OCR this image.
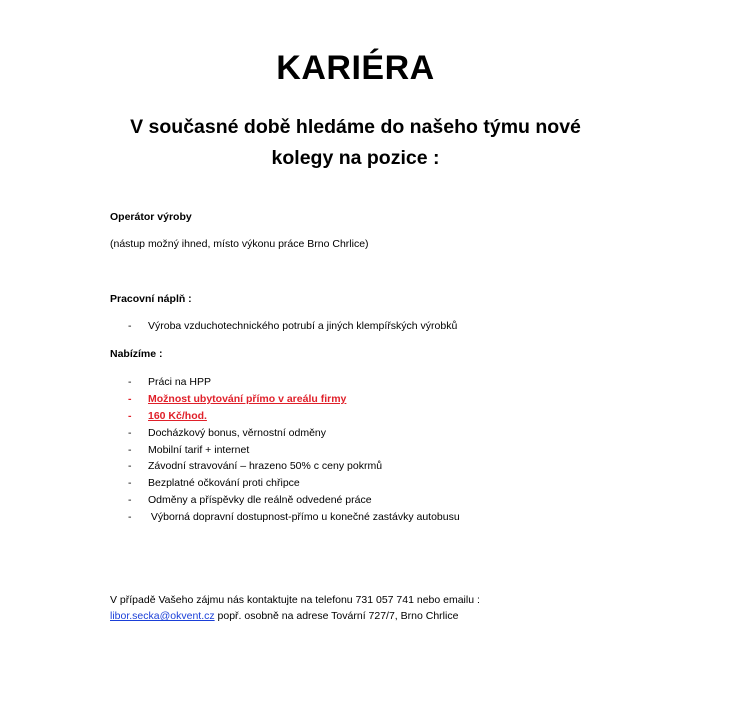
KARIÉRA
V současné době hledáme do našeho týmu nové
kolegy na pozice :
Operátor výroby
(nástup možný ihned, místo výkonu práce Brno Chrlice)
Pracovní náplň :
- Výroba vzduchotechnického potrubí a jiných klempířských výrobků
Nabízíme :
- Práci na HPP
- Možnost ubytování přímo v areálu firmy
- 160 Kč/hod.
- Docházkový bonus, věrnostní odměny
- Mobilní tarif + internet
- Závodní stravování – hrazeno 50% c ceny pokrmů
- Bezplatné očkování proti chřipce
- Odměny a příspěvky dle reálně odvedené práce
- Výborná dopravní dostupnost-přímo u konečné zastávky autobusu
V případě Vašeho zájmu nás kontaktujte na telefonu 731 057 741 nebo emailu :
libor.secka@okvent.cz popř. osobně na adrese Tovární 727/7, Brno Chrlice
